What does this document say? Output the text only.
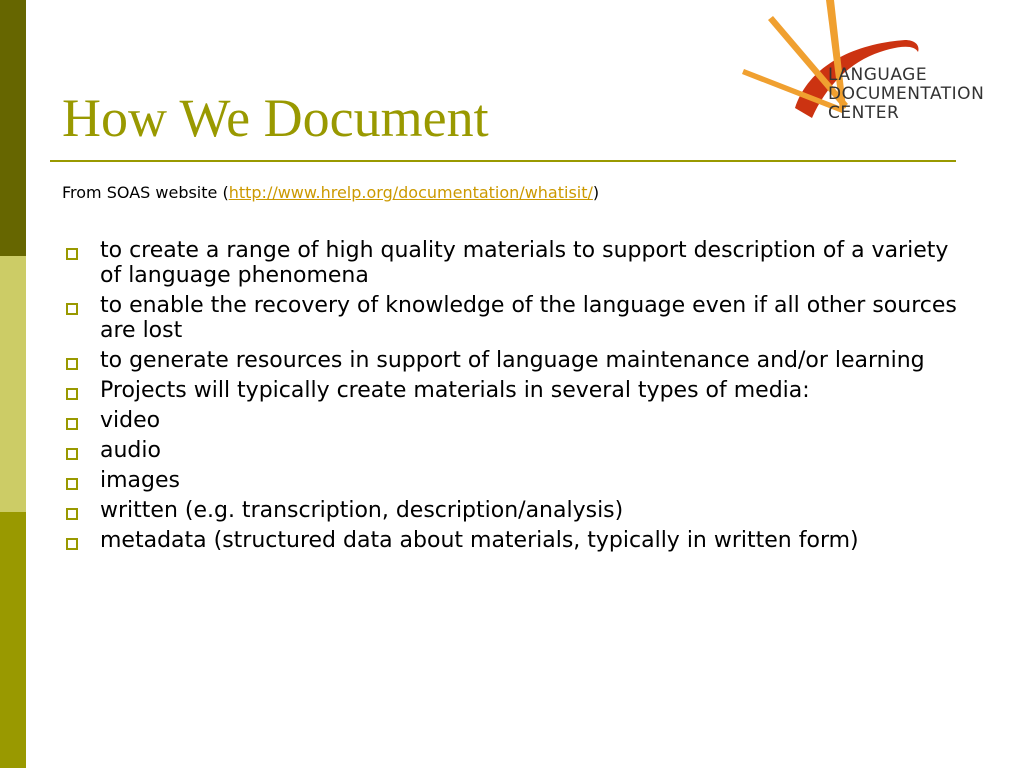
How We Document
From SOAS website (http://www.hrelp.org/documentation/whatisit/)
to create a range of high quality materials to support description of a variety of language phenomena
to enable the recovery of knowledge of the language even if all other sources are lost
to generate resources in support of language maintenance and/or learning
Projects will typically create materials in several types of media:
video
audio
images
written (e.g. transcription, description/analysis)
metadata (structured data about materials, typically in written form)
LANGUAGE
DOCUMENTATION
CENTER
